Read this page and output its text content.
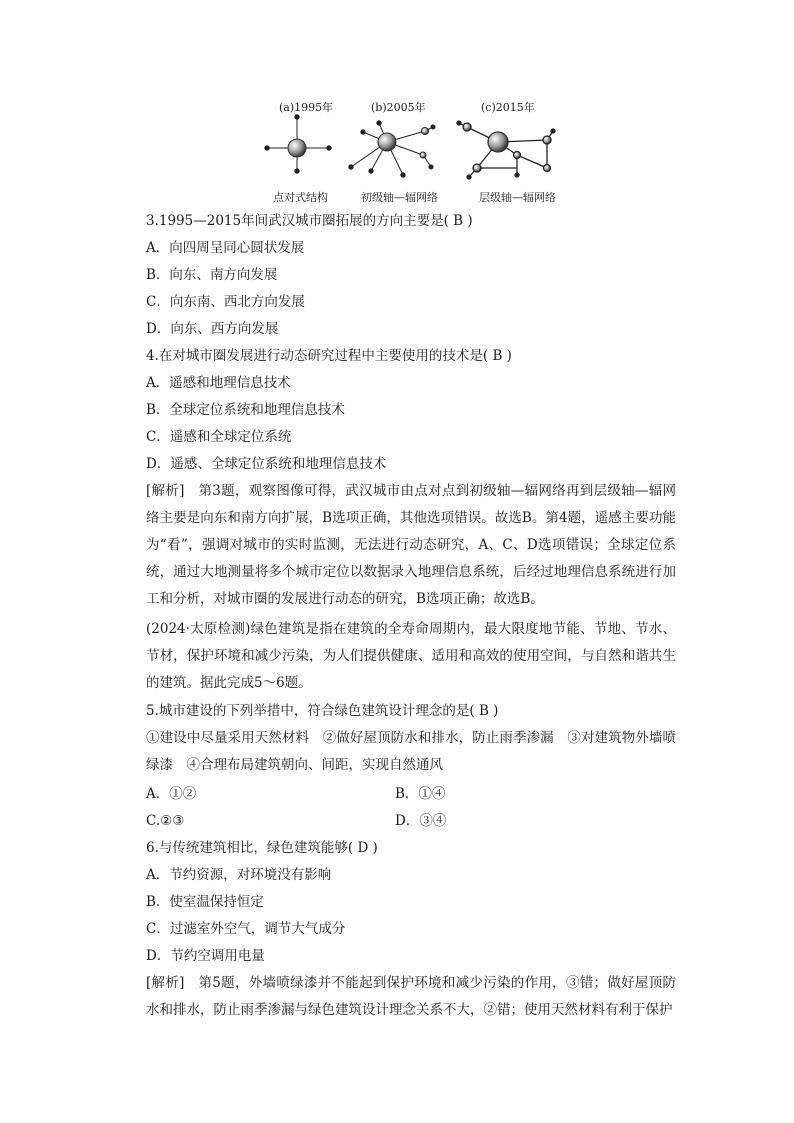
(a)1995年	(b)2005年	(c)2015年
点对式结构	初级轴—辐网络	层级轴—辐网络
3.1995—2015年间武汉城市圈拓展的方向主要是( B )
A．向四周呈同心圆状发展
B．向东、南方向发展
C．向东南、西北方向发展
D．向东、西方向发展
4.在对城市圈发展进行动态研究过程中主要使用的技术是( B )
A．遥感和地理信息技术
B．全球定位系统和地理信息技术
C．遥感和全球定位系统
D．遥感、全球定位系统和地理信息技术
[解析]　第3题，观察图像可得，武汉城市由点对点到初级轴—辐网络再到层级轴—辐网络主要是向东和南方向扩展，B选项正确，其他选项错误。故选B。第4题，遥感主要功能为“看”，强调对城市的实时监测，无法进行动态研究，A、C、D选项错误；全球定位系统，通过大地测量将多个城市定位以数据录入地理信息系统，后经过地理信息系统进行加工和分析，对城市圈的发展进行动态的研究，B选项正确；故选B。
(2024·太原检测)绿色建筑是指在建筑的全寿命周期内，最大限度地节能、节地、节水、节材，保护环境和减少污染，为人们提供健康、适用和高效的使用空间，与自然和谐共生的建筑。据此完成5～6题。
5.城市建设的下列举措中，符合绿色建筑设计理念的是( B )
①建设中尽量采用天然材料　②做好屋顶防水和排水，防止雨季渗漏　③对建筑物外墙喷绿漆　④合理布局建筑朝向、间距，实现自然通风
A．①②	B．①④
C.②③	D．③④
6.与传统建筑相比，绿色建筑能够( D )
A．节约资源，对环境没有影响
B．使室温保持恒定
C．过滤室外空气，调节大气成分
D．节约空调用电量
[解析]　第5题，外墙喷绿漆并不能起到保护环境和减少污染的作用，③错；做好屋顶防水和排水，防止雨季渗漏与绿色建筑设计理念关系不大，②错；使用天然材料有利于保护
